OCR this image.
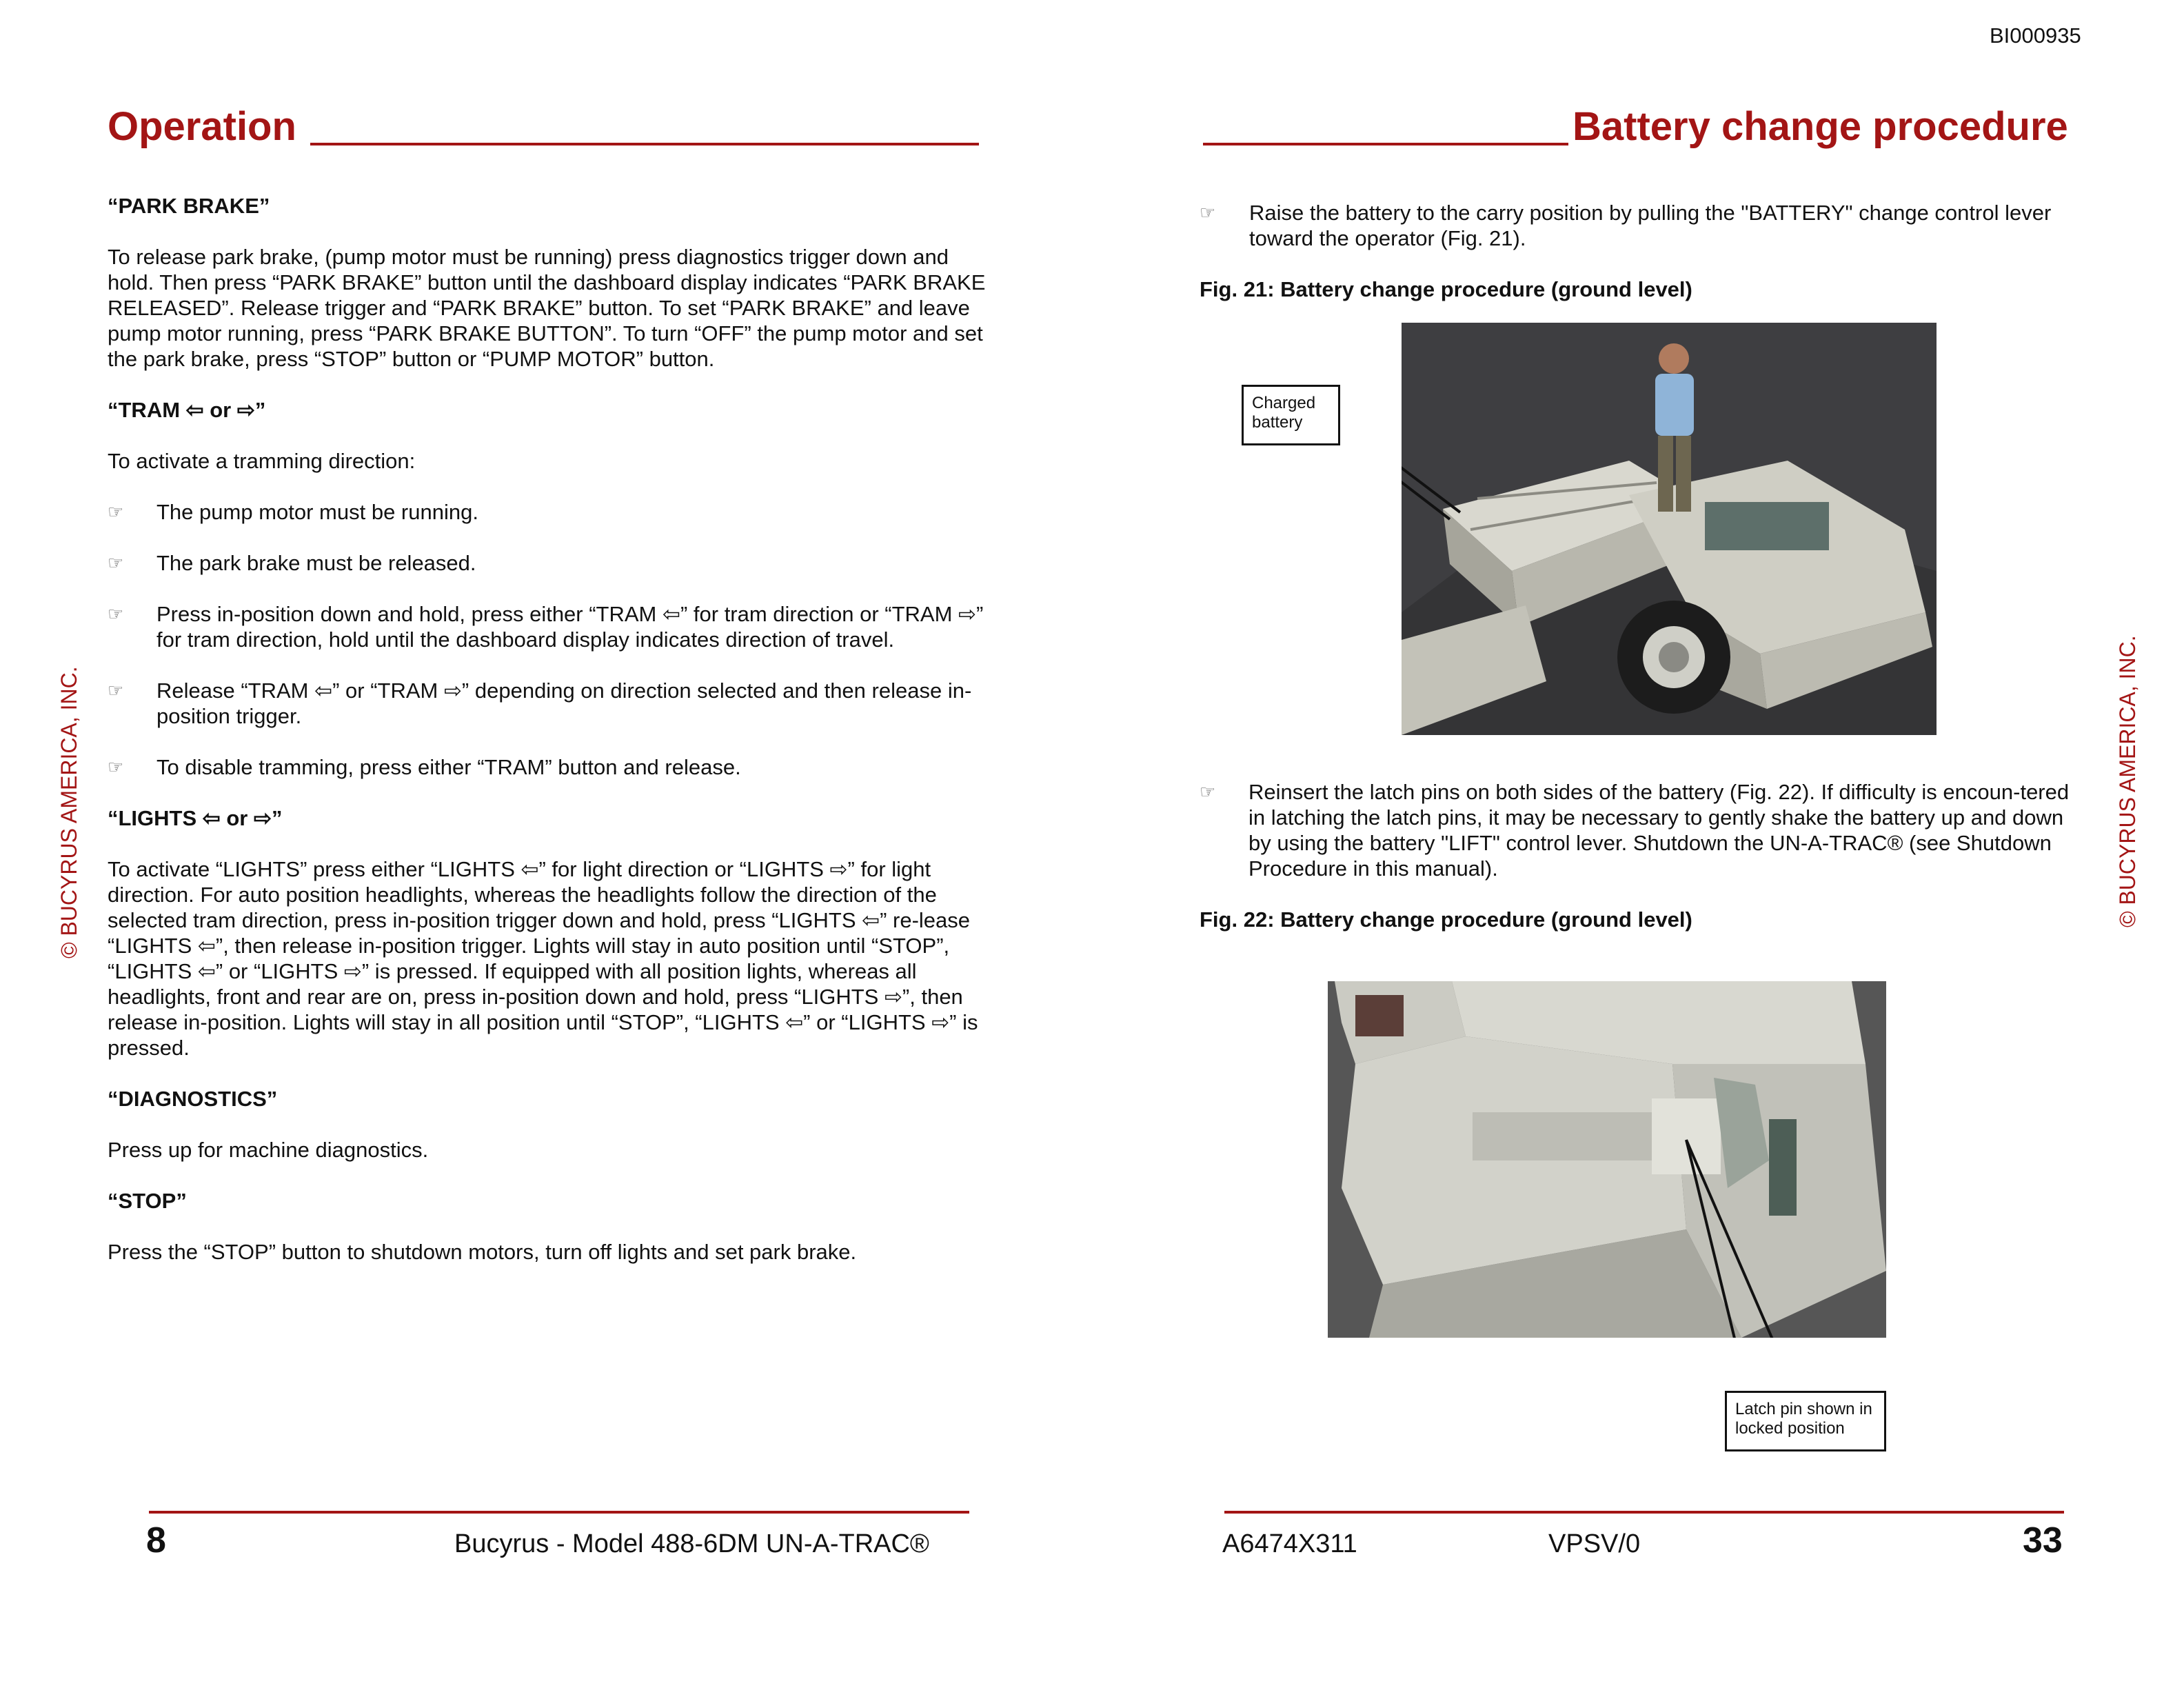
BI000935
Operation	Battery change procedure
“PARK BRAKE”

To release park brake, (pump motor must be running) press diagnostics trigger down and hold. Then press “PARK BRAKE” button until the dashboard display indicates “PARK BRAKE RELEASED”. Release trigger and “PARK BRAKE” button. To set “PARK BRAKE” and leave pump motor running, press “PARK BRAKE BUTTON”. To turn “OFF” the pump motor and set the park brake, press “STOP” button or “PUMP MOTOR” button.

“TRAM ⇦ or ⇨”

To activate a tramming direction:

☞ The pump motor must be running.
☞ The park brake must be released.
☞ Press in-position down and hold, press either “TRAM ⇦” for tram direction or “TRAM ⇨” for tram direction, hold until the dashboard display indicates direction of travel.
☞ Release “TRAM ⇦” or “TRAM ⇨” depending on direction selected and then release in-position trigger.
☞ To disable tramming, press either “TRAM” button and release.
“LIGHTS ⇦ or ⇨”

To activate “LIGHTS” press either “LIGHTS ⇦” for light direction or “LIGHTS ⇨” for light direction. For auto position headlights, whereas the headlights follow the direction of the selected tram direction, press in-position trigger down and hold, press “LIGHTS ⇦” re-lease “LIGHTS ⇦”, then release in-position trigger. Lights will stay in auto position until “STOP”, “LIGHTS ⇦” or “LIGHTS ⇨” is pressed. If equipped with all position lights, whereas all headlights, front and rear are on, press in-position down and hold, press “LIGHTS ⇨”, then release in-position. Lights will stay in all position until “STOP”, “LIGHTS ⇦” or “LIGHTS ⇨” is pressed.

“DIAGNOSTICS”

Press up for machine diagnostics.

“STOP”

Press the “STOP” button to shutdown motors, turn off lights and set park brake.

☞ Raise the battery to the carry position by pulling the "BATTERY" change control lever toward the operator (Fig. 21).

Fig. 21: Battery change procedure (ground level)

☞ Reinsert the latch pins on both sides of the battery (Fig. 22). If difficulty is encoun-tered in latching the latch pins, it may be necessary to gently shake the battery up and down by using the battery "LIFT" control lever. Shutdown the UN-A-TRAC® (see Shutdown Procedure in this manual).

Fig. 22: Battery change procedure (ground level)

Charged battery
Latch pin shown in locked position
© BUCYRUS AMERICA, INC.	© BUCYRUS AMERICA, INC.
8	Bucyrus - Model 488-6DM UN-A-TRAC®	A6474X311	VPSV/0	33
